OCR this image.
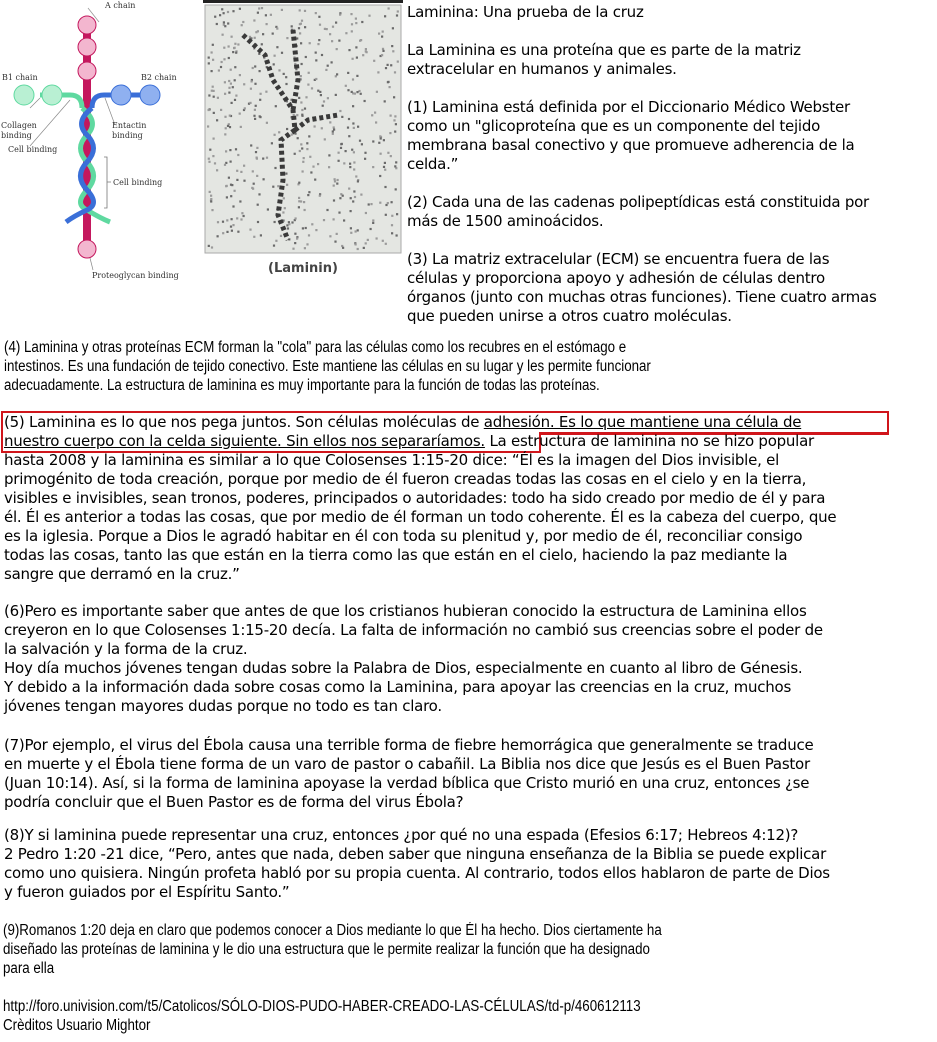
A chain
B1 chain	B2 chain
Collagen
binding
Cell binding
Entactin
binding
Cell binding
Proteoglycan binding	(Laminin)

Laminina: Una prueba de la cruz

La Laminina es una proteína que es parte de la matriz
extracelular en humanos y animales.

(1) Laminina está definida por el Diccionario Médico Webster
como un "glicoproteína que es un componente del tejido
membrana basal conectivo y que promueve adherencia de la
celda.”

(2) Cada una de las cadenas polipeptídicas está constituida por
más de 1500 aminoácidos.

(3) La matriz extracelular (ECM) se encuentra fuera de las
células y proporciona apoyo y adhesión de células dentro
órganos (junto con muchas otras funciones). Tiene cuatro armas
que pueden unirse a otros cuatro moléculas.

(4) Laminina y otras proteínas ECM forman la "cola" para las células como los recubres en el estómago e
intestinos. Es una fundación de tejido conectivo. Este mantiene las células en su lugar y les permite funcionar
adecuadamente. La estructura de laminina es muy importante para la función de todas las proteínas.
(5) Laminina es lo que nos pega juntos. Son células moléculas de adhesión. Es lo que mantiene una célula de
nuestro cuerpo con la celda siguiente. Sin ellos nos separaríamos. La estructura de laminina no se hizo popular
hasta 2008 y la laminina es similar a lo que Colosenses 1:15-20 dice: “Él es la imagen del Dios invisible, el
primogénito de toda creación, porque por medio de él fueron creadas todas las cosas en el cielo y en la tierra,
visibles e invisibles, sean tronos, poderes, principados o autoridades: todo ha sido creado por medio de él y para
él. Él es anterior a todas las cosas, que por medio de él forman un todo coherente. Él es la cabeza del cuerpo, que
es la iglesia. Porque a Dios le agradó habitar en él con toda su plenitud y, por medio de él, reconciliar consigo
todas las cosas, tanto las que están en la tierra como las que están en el cielo, haciendo la paz mediante la
sangre que derramó en la cruz.”
(6)Pero es importante saber que antes de que los cristianos hubieran conocido la estructura de Laminina ellos
creyeron en lo que Colosenses 1:15-20 decía. La falta de información no cambió sus creencias sobre el poder de
la salvación y la forma de la cruz.
Hoy día muchos jóvenes tengan dudas sobre la Palabra de Dios, especialmente en cuanto al libro de Génesis.
Y debido a la información dada sobre cosas como la Laminina, para apoyar las creencias en la cruz, muchos
jóvenes tengan mayores dudas porque no todo es tan claro.
(7)Por ejemplo, el virus del Ébola causa una terrible forma de fiebre hemorrágica que generalmente se traduce
en muerte y el Ébola tiene forma de un varo de pastor o cabañil. La Biblia nos dice que Jesús es el Buen Pastor
(Juan 10:14). Así, si la forma de laminina apoyase la verdad bíblica que Cristo murió en una cruz, entonces ¿se
podría concluir que el Buen Pastor es de forma del virus Ébola?
(8)Y si laminina puede representar una cruz, entonces ¿por qué no una espada (Efesios 6:17; Hebreos 4:12)?
2 Pedro 1:20 -21 dice, “Pero, antes que nada, deben saber que ninguna enseñanza de la Biblia se puede explicar
como uno quisiera. Ningún profeta habló por su propia cuenta. Al contrario, todos ellos hablaron de parte de Dios
y fueron guiados por el Espíritu Santo.”
(9)Romanos 1:20 deja en claro que podemos conocer a Dios mediante lo que Él ha hecho. Dios ciertamente ha
diseñado las proteínas de laminina y le dio una estructura que le permite realizar la función que ha designado
para ella
http://foro.univision.com/t5/Catolicos/SÓLO-DIOS-PUDO-HABER-CREADO-LAS-CÉLULAS/td-p/460612113
Crèditos Usuario Mightor
